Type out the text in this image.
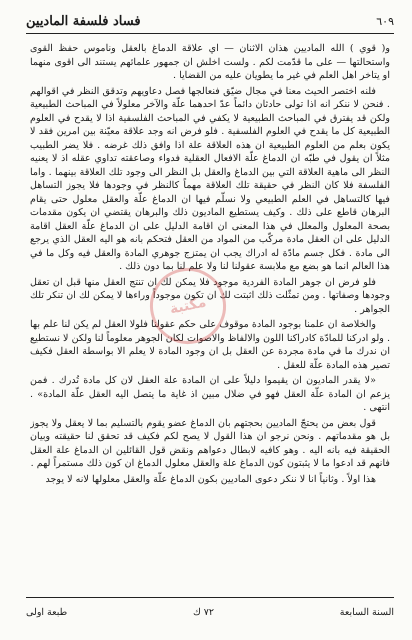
٦٠٩
فساد فلسفة الماديين

و( قوي ) الله الماديين هذان الاثنان — اي علاقة الدماغ بالعقل وناموس حفظ القوى واستحالتها — على ما قدّمت لكم . ولست اخلش ان جمهور علمائهم يستند الى اقوى منهما او يتاخر اهل العلم في غير ما يطويان عليه من القضايا .

فلنه اختصر الحيث معنا في مجال ضيّق فنعالجها فصل دعاويهم وتدقق النظر في اقوالهم . فنحن لا ننكر انه اذا تولى حادثان دائماً عدّ احدهما علّة والآخر معلولاً في المباحث الطبيعية ولكن قد يفترق في المباحث الطبيعية لا يكفي في المباحث الفلسفية اذا لا يقدح في العلوم الطبيعية كل ما يقدح في العلوم الفلسفية . فلو فرض انه وجد علاقة معيّنة بين امرين فقد لا يكون بعلم من العلوم الطبيعية ان هذه العلاقة علة اذا وافق ذلك غرضه . فلا يضر الطبيب مثلاً ان يقول في طبّه ان الدماغ علّة الافعال العقلية فدواء وصاعقته تداوي عقله اذ لا يعنيه النظر الى ماهية العلاقة التي بين الدماغ والعقل بل النظر الى وجود تلك العلاقة بينهما . واما الفلسفة فلا كان النظر في حقيقة تلك العلاقة مهماً كالنظر في وجودها فلا يجوز التساهل فيها كالتساهل في العلم الطبيعي ولا نسلّم فيها ان الدماغ علّة والعقل معلول حتى يقام البرهان قاطع على ذلك . وكيف يستطيع الماديون ذلك والبرهان يقتضي ان يكون مقدمات بصحة المعلول والمعلل في هذا المعنى ان اقامة الدليل على ان الدماغ علّة العقل اقامة الدليل على ان العقل مادة مركّب من المواد من العقل فتحكم بانه هو اليه العقل الذي يرجع الى مادة . فكل جسم مادّة له ادراك يجب ان يمتزج جوهري المادة والعقل فيه وكل ما في هذا العالم انما هو بضع مع ملابسة عقولنا لنا ولا علم لنا بما دون ذلك .

فلو فرض ان جوهر المادة الفردية موجود فلا يمكن لك ان تنتج العقل منها قبل ان تعقل وجودها وصفاتها . ومن تمثّلت ذلك اثبتت لك ان تكون موجوداً وراءها لا يمكن لك ان تنكر تلك الجواهر .

والخلاصة ان علمنا بوجود المادة موقوف على حكم عقولنا فلولا العقل لم يكن لنا علم بها . ولو ادركنا للمادّة كادراكنا اللون والالفاظ والاصوات لكان الجوهر معلوماً لنا ولكن لا نستطيع ان ندرك ما في مادة مجردة عن العقل بل ان وجود المادة لا يعلم الا بواسطة العقل فكيف تصير هذه المادة علّة للعقل .

«لا يقدر الماديون ان يقيموا دليلاً على ان المادة علة العقل لان كل مادة تُدرك . فمن يزعم ان المادة علّة العقل فهو في ضلال مبين اذ غاية ما يتصل اليه العقل علّة المادة» . انتهى .

قول بعض من يحتجّ الماديين بحجتهم بان الدماغ عضو يقوم بالتسليم بما لا يعقل ولا يجوز بل هو مقدماتهم . ونحن نرجو ان هذا القول لا يصح لكم فكيف قد تحقق لنا حقيقته وبيان الحقيقة فيه بانه اليه . وهو كافيه لابطال دعواهم ونقض قول القائلين ان الدماغ علة العقل فانهم قد ادعوا ما لا يثبتون كون الدماغ علة والعقل معلول الدماغ ان كون ذلك مستمراً لهم .

هذا اولاً . وثانياً انا لا ننكر دعوى الماديين بكون الدماغ علّة والعقل معلولها لانه لا يوجد

مكتبة
السنة السابعة
٧٢ ك
طبعة اولى
